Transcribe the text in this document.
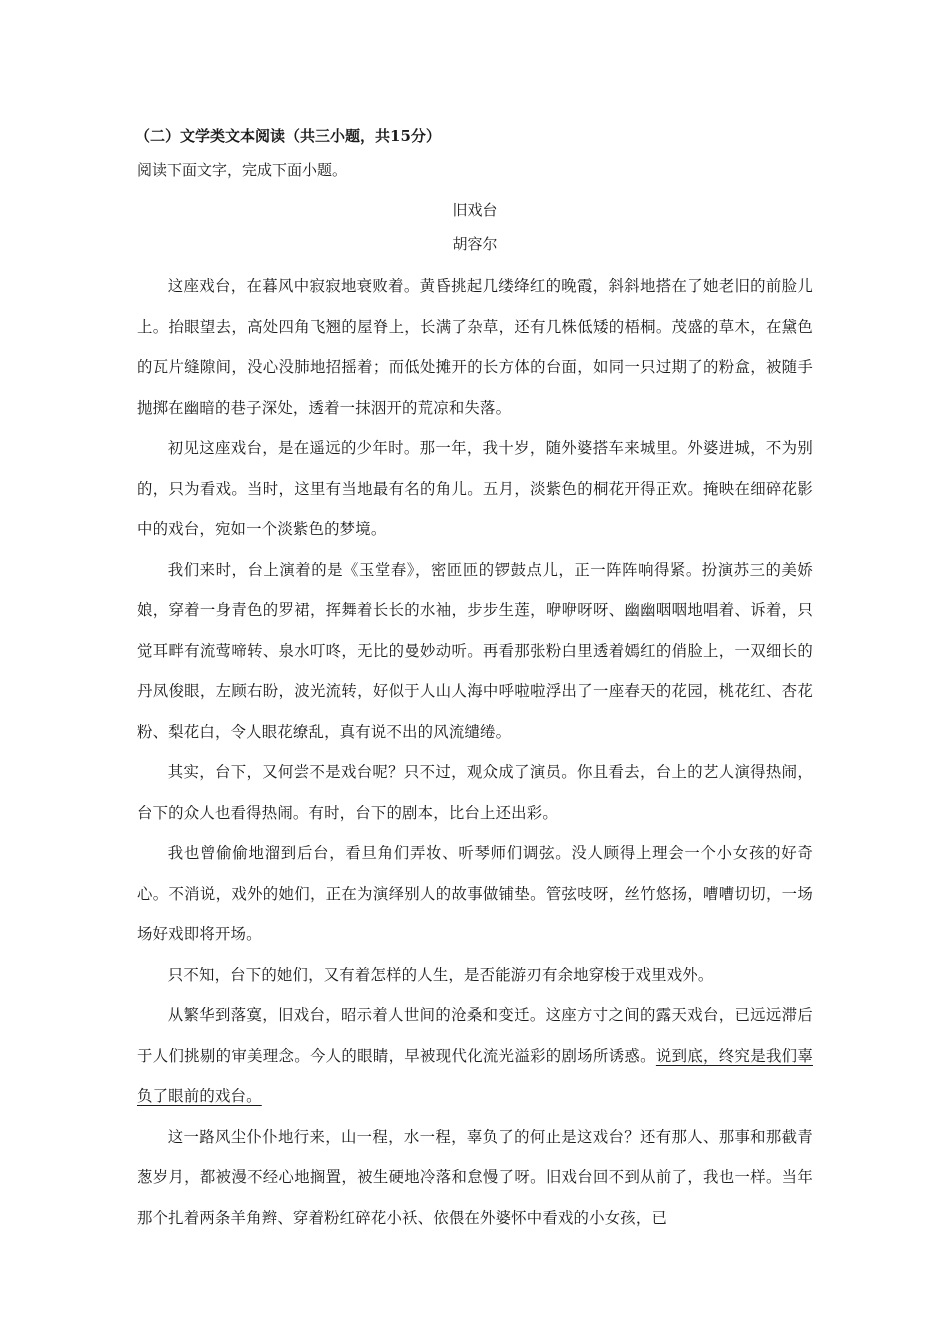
（二）文学类文本阅读（共三小题，共15分）
阅读下面文字，完成下面小题。
旧戏台
胡容尔

这座戏台，在暮风中寂寂地衰败着。黄昏挑起几缕绛红的晚霞，斜斜地搭在了她老旧的前脸儿上。抬眼望去，高处四角飞翘的屋脊上，长满了杂草，还有几株低矮的梧桐。茂盛的草木，在黛色的瓦片缝隙间，没心没肺地招摇着；而低处摊开的长方体的台面，如同一只过期了的粉盒，被随手抛掷在幽暗的巷子深处，透着一抹洇开的荒凉和失落。

初见这座戏台，是在遥远的少年时。那一年，我十岁，随外婆搭车来城里。外婆进城，不为别的，只为看戏。当时，这里有当地最有名的角儿。五月，淡紫色的桐花开得正欢。掩映在细碎花影中的戏台，宛如一个淡紫色的梦境。

我们来时，台上演着的是《玉堂春》，密匝匝的锣鼓点儿，正一阵阵响得紧。扮演苏三的美娇娘，穿着一身青色的罗裙，挥舞着长长的水袖，步步生莲，咿咿呀呀、幽幽咽咽地唱着、诉着，只觉耳畔有流莺啼转、泉水叮咚，无比的曼妙动听。再看那张粉白里透着嫣红的俏脸上，一双细长的丹凤俊眼，左顾右盼，波光流转，好似于人山人海中呼啦啦浮出了一座春天的花园，桃花红、杏花粉、梨花白，令人眼花缭乱，真有说不出的风流缱绻。

其实，台下，又何尝不是戏台呢？只不过，观众成了演员。你且看去，台上的艺人演得热闹，台下的众人也看得热闹。有时，台下的剧本，比台上还出彩。

我也曾偷偷地溜到后台，看旦角们弄妆、听琴师们调弦。没人顾得上理会一个小女孩的好奇心。不消说，戏外的她们，正在为演绎别人的故事做铺垫。管弦吱呀，丝竹悠扬，嘈嘈切切，一场场好戏即将开场。

只不知，台下的她们，又有着怎样的人生，是否能游刃有余地穿梭于戏里戏外。

从繁华到落寞，旧戏台，昭示着人世间的沧桑和变迁。这座方寸之间的露天戏台，已远远滞后于人们挑剔的审美理念。今人的眼睛，早被现代化流光溢彩的剧场所诱惑。说到底，终究是我们辜负了眼前的戏台。

这一路风尘仆仆地行来，山一程，水一程，辜负了的何止是这戏台？还有那人、那事和那截青葱岁月，都被漫不经心地搁置，被生硬地冷落和怠慢了呀。旧戏台回不到从前了，我也一样。当年那个扎着两条羊角辫、穿着粉红碎花小袄、依偎在外婆怀中看戏的小女孩，已
